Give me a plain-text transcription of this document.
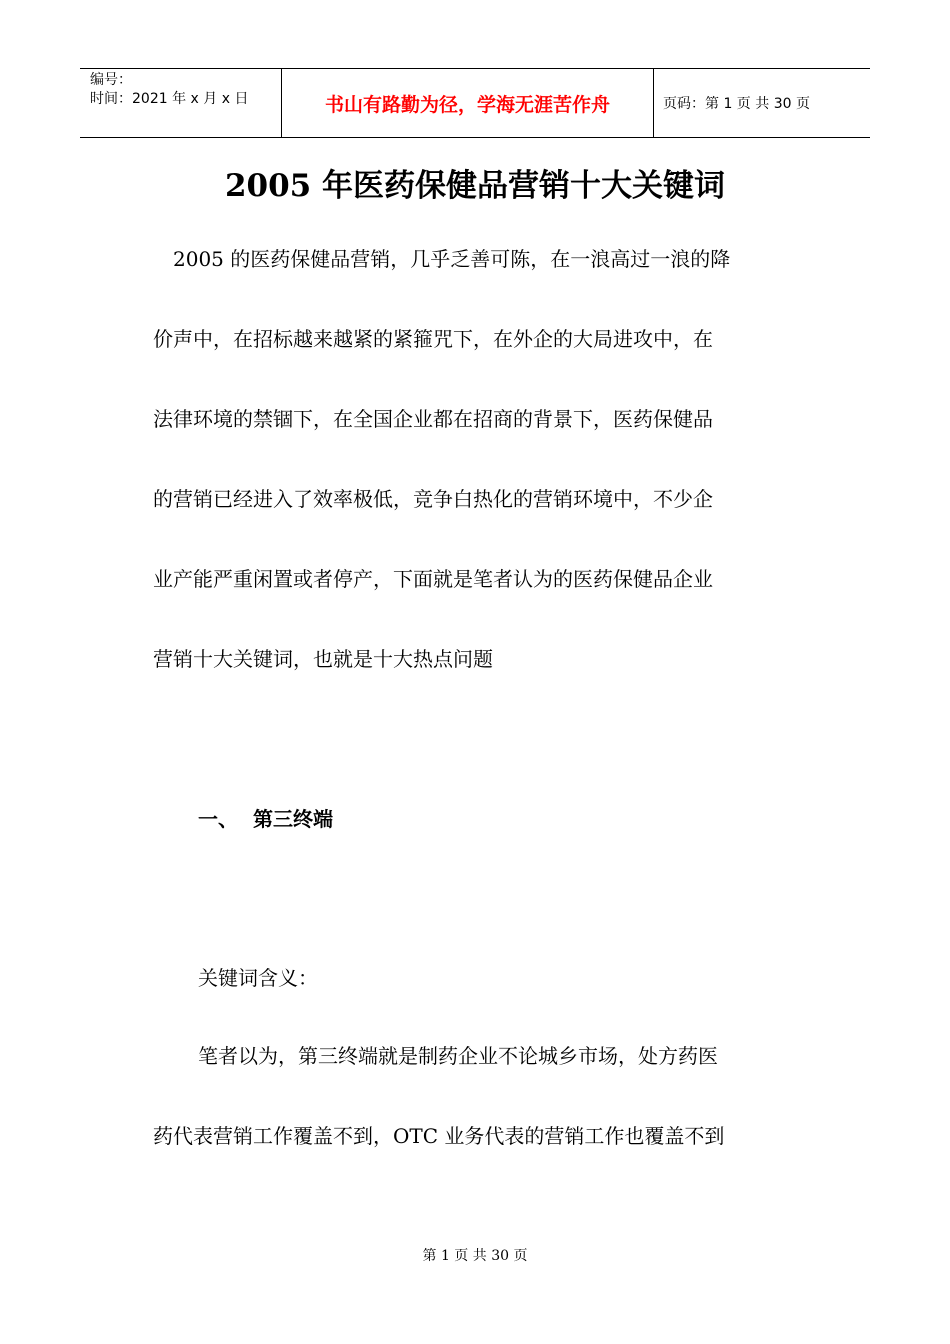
编号：
时间：2021 年 x 月 x 日	书山有路勤为径，学海无涯苦作舟	页码：第 1 页 共 30 页
2005 年医药保健品营销十大关键词
2005 的医药保健品营销，几乎乏善可陈，在一浪高过一浪的降
价声中，在招标越来越紧的紧箍咒下，在外企的大局进攻中，在
法律环境的禁锢下，在全国企业都在招商的背景下，医药保健品
的营销已经进入了效率极低，竞争白热化的营销环境中，不少企
业产能严重闲置或者停产，下面就是笔者认为的医药保健品企业
营销十大关键词，也就是十大热点问题
一、 第三终端
关键词含义：
笔者以为，第三终端就是制药企业不论城乡市场，处方药医
药代表营销工作覆盖不到，OTC 业务代表的营销工作也覆盖不到
第 1 页 共 30 页
